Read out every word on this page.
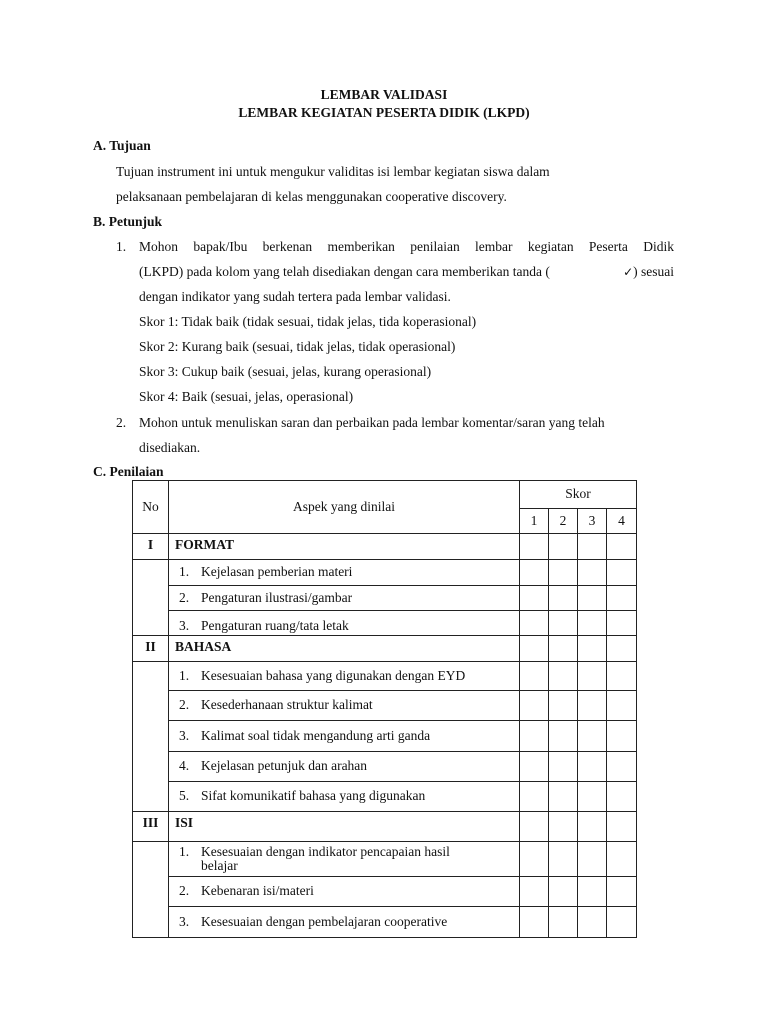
LEMBAR VALIDASI
LEMBAR KEGIATAN PESERTA DIDIK (LKPD)
A. Tujuan
Tujuan instrument ini untuk mengukur validitas isi lembar kegiatan siswa dalam
pelaksanaan pembelajaran di kelas menggunakan cooperative discovery.
B. Petunjuk
1. Mohon bapak/Ibu berkenan memberikan penilaian lembar kegiatan Peserta Didik
(LKPD) pada kolom yang telah disediakan dengan cara memberikan tanda (	✓) sesuai
dengan indikator yang sudah tertera pada lembar validasi.
Skor 1: Tidak baik (tidak sesuai, tidak jelas, tida koperasional)
Skor 2: Kurang baik (sesuai, tidak jelas, tidak operasional)
Skor 3: Cukup baik (sesuai, jelas, kurang operasional)
Skor 4: Baik (sesuai, jelas, operasional)
2. Mohon untuk menuliskan saran dan perbaikan pada lembar komentar/saran yang telah
disediakan.
C. Penilaian
No	Aspek yang dinilai	Skor			
		1	2	3	4
I	FORMAT				

	1. Kejelasan pemberian materi				

	2. Pengaturan ilustrasi/gambar				

	3. Pengaturan ruang/tata letak				

II	BAHASA				

	1. Kesesuaian bahasa yang digunakan dengan EYD				

	2. Kesederhanaan struktur kalimat				

	3. Kalimat soal tidak mengandung arti ganda				

	4. Kejelasan petunjuk dan arahan				

	5. Sifat komunikatif bahasa yang digunakan				

III	ISI				

	1. Kesesuaian dengan indikator pencapaian hasil belajar				

	2. Kebenaran isi/materi				

	3. Kesesuaian dengan pembelajaran cooperative				
